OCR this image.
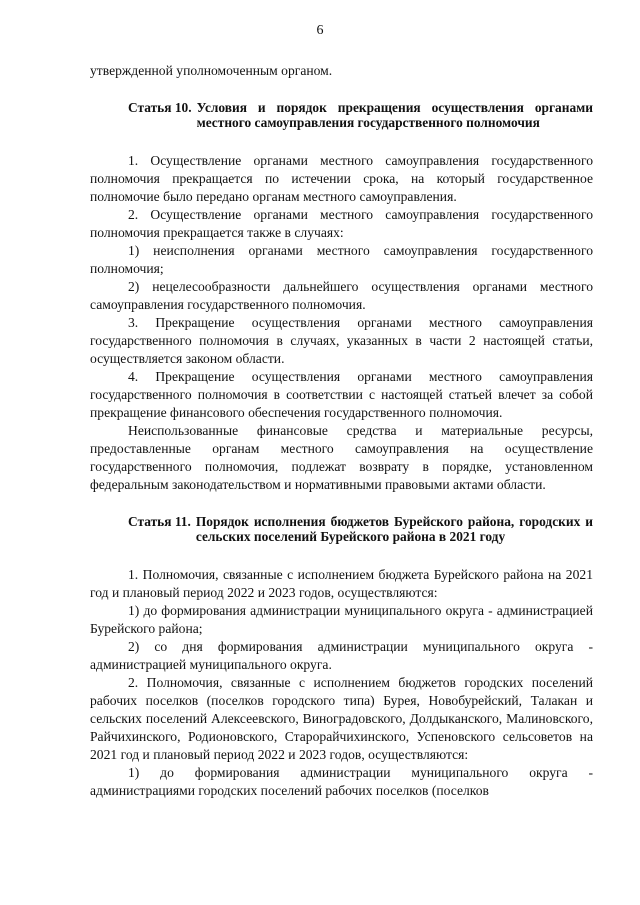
6

утвержденной уполномоченным органом.

Статья 10. Условия и порядок прекращения осуществления органами местного самоуправления государственного полномочия

1. Осуществление органами местного самоуправления государственного полномочия прекращается по истечении срока, на который государственное полномочие было передано органам местного самоуправления.

2. Осуществление органами местного самоуправления государственного полномочия прекращается также в случаях:

1) неисполнения органами местного самоуправления государственного полномочия;

2) нецелесообразности дальнейшего осуществления органами местного самоуправления государственного полномочия.

3. Прекращение осуществления органами местного самоуправления государственного полномочия в случаях, указанных в части 2 настоящей статьи, осуществляется законом области.

4. Прекращение осуществления органами местного самоуправления государственного полномочия в соответствии с настоящей статьей влечет за собой прекращение финансового обеспечения государственного полномочия.

Неиспользованные финансовые средства и материальные ресурсы, предоставленные органам местного самоуправления на осуществление государственного полномочия, подлежат возврату в порядке, установленном федеральным законодательством и нормативными правовыми актами области.

Статья 11. Порядок исполнения бюджетов Бурейского района, городских и сельских поселений Бурейского района в 2021 году

1. Полномочия, связанные с исполнением бюджета Бурейского района на 2021 год и плановый период 2022 и 2023 годов, осуществляются:

1) до формирования администрации муниципального округа - администрацией Бурейского района;

2) со дня формирования администрации муниципального округа - администрацией муниципального округа.

2. Полномочия, связанные с исполнением бюджетов городских поселений рабочих поселков (поселков городского типа) Бурея, Новобурейский, Талакан и сельских поселений Алексеевского, Виноградовского, Долдыканского, Малиновского, Райчихинского, Родионовского, Старорайчихинского, Успеновского сельсоветов на 2021 год и плановый период 2022 и 2023 годов, осуществляются:

1) до формирования администрации муниципального округа - администрациями городских поселений рабочих поселков (поселков
